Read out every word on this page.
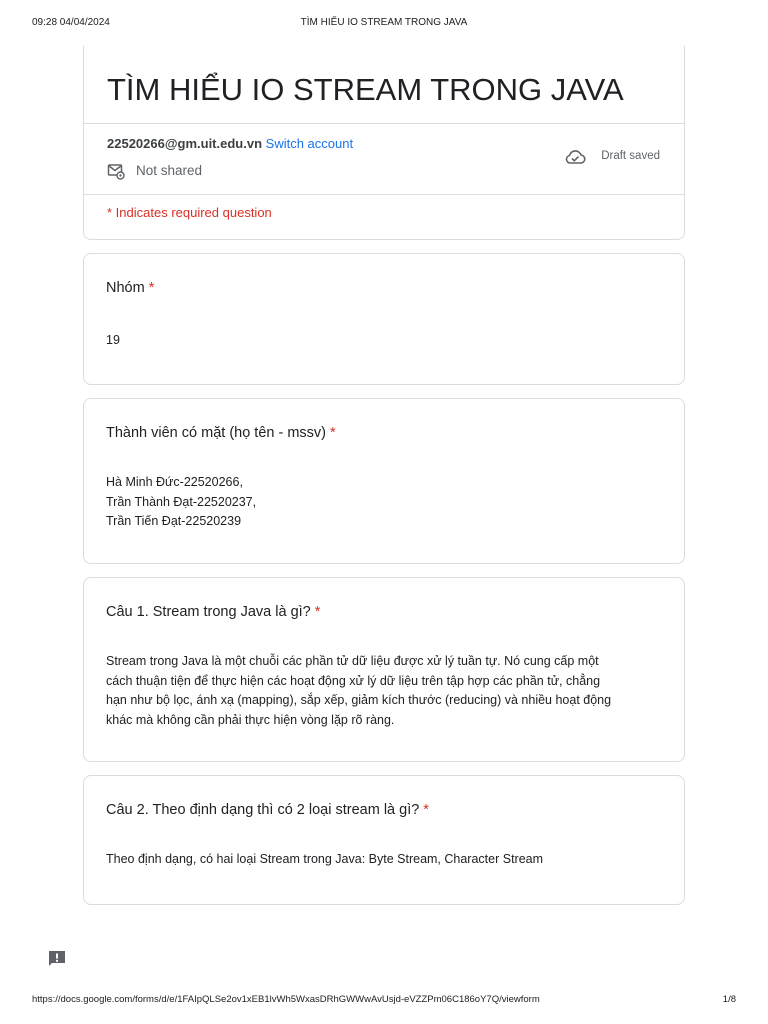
09:28 04/04/2024	TÌM HIỂU IO STREAM TRONG JAVA
TÌM HIỂU IO STREAM TRONG JAVA
22520266@gm.uit.edu.vn Switch account
Not shared
Draft saved
* Indicates required question
Nhóm *
19
Thành viên có mặt (họ tên - mssv) *
Hà Minh Đức-22520266,
Trần Thành Đạt-22520237,
Trần Tiến Đạt-22520239
Câu 1. Stream trong Java là gì? *
Stream trong Java là một chuỗi các phần tử dữ liệu được xử lý tuần tự. Nó cung cấp một
cách thuận tiện để thực hiện các hoạt động xử lý dữ liệu trên tập hợp các phần tử, chẳng
hạn như bộ lọc, ánh xạ (mapping), sắp xếp, giảm kích thước (reducing) và nhiều hoạt động
khác mà không cần phải thực hiện vòng lặp rõ ràng.
Câu 2. Theo định dạng thì có 2 loại stream là gì? *
Theo định dạng, có hai loại Stream trong Java: Byte Stream, Character Stream
https://docs.google.com/forms/d/e/1FAIpQLSe2ov1xEB1lvWh5WxasDRhGWWwAvUsjd-eVZZPm06C186oY7Q/viewform	1/8
